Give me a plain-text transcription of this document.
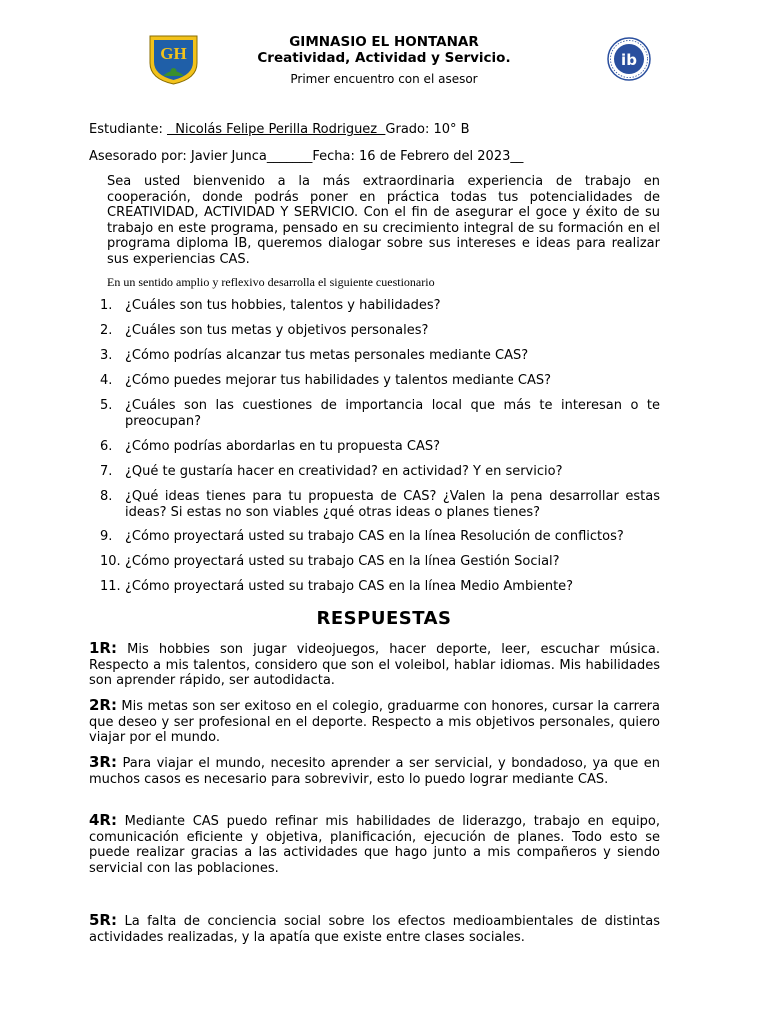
GH	ib
GIMNASIO EL HONTANAR
Creatividad, Actividad y Servicio.
Primer encuentro con el asesor
Estudiante:   Nicolás Felipe Perilla Rodriguez  Grado: 10° B
Asesorado por: Javier Junca_______Fecha: 16 de Febrero del 2023__
Sea usted bienvenido a la más extraordinaria experiencia de trabajo en cooperación, donde podrás poner en práctica todas tus potencialidades de CREATIVIDAD, ACTIVIDAD Y SERVICIO. Con el fin de asegurar el goce y éxito de su trabajo en este programa, pensado en su crecimiento integral de su formación en el programa diploma IB, queremos dialogar sobre sus intereses e ideas para realizar sus experiencias CAS.
En un sentido amplio y reflexivo desarrolla el siguiente cuestionario
1. ¿Cuáles son tus hobbies, talentos y habilidades?
2. ¿Cuáles son tus metas y objetivos personales?
3. ¿Cómo podrías alcanzar tus metas personales mediante CAS?
4. ¿Cómo puedes mejorar tus habilidades y talentos mediante CAS?
5. ¿Cuáles son las cuestiones de importancia local que más te interesan o te preocupan?
6. ¿Cómo podrías abordarlas en tu propuesta CAS?
7. ¿Qué te gustaría hacer en creatividad? en actividad? Y en servicio?
8. ¿Qué ideas tienes para tu propuesta de CAS? ¿Valen la pena desarrollar estas ideas? Si estas no son viables ¿qué otras ideas o planes tienes?
9. ¿Cómo proyectará usted su trabajo CAS en la línea Resolución de conflictos?
10. ¿Cómo proyectará usted su trabajo CAS en la línea Gestión Social?
11. ¿Cómo proyectará usted su trabajo CAS en la línea Medio Ambiente?
RESPUESTAS
1R: Mis hobbies son jugar videojuegos, hacer deporte, leer, escuchar música. Respecto a mis talentos, considero que son el voleibol, hablar idiomas. Mis habilidades son aprender rápido, ser autodidacta.
2R: Mis metas son ser exitoso en el colegio, graduarme con honores, cursar la carrera que deseo y ser profesional en el deporte. Respecto a mis objetivos personales, quiero viajar por el mundo.
3R: Para viajar el mundo, necesito aprender a ser servicial, y bondadoso, ya que en muchos casos es necesario para sobrevivir, esto lo puedo lograr mediante CAS.
4R: Mediante CAS puedo refinar mis habilidades de liderazgo, trabajo en equipo, comunicación eficiente y objetiva, planificación, ejecución de planes. Todo esto se puede realizar gracias a las actividades que hago junto a mis compañeros y siendo servicial con las poblaciones.
5R: La falta de conciencia social sobre los efectos medioambientales de distintas actividades realizadas, y la apatía que existe entre clases sociales.
